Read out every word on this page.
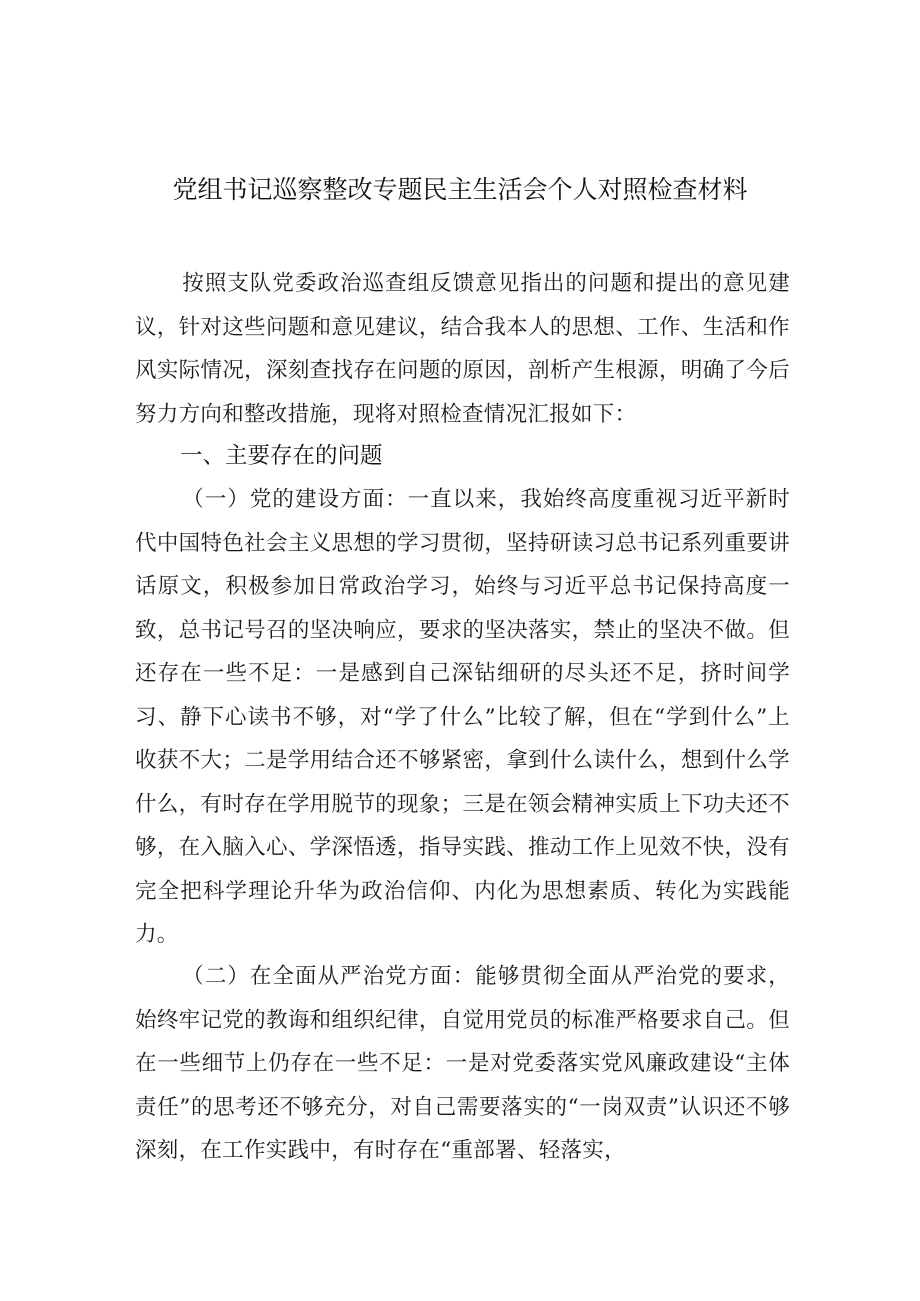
党组书记巡察整改专题民主生活会个人对照检查材料
按照支队党委政治巡查组反馈意见指出的问题和提出的意见建议，针对这些问题和意见建议，结合我本人的思想、工作、生活和作风实际情况，深刻查找存在问题的原因，剖析产生根源，明确了今后努力方向和整改措施，现将对照检查情况汇报如下：
一、主要存在的问题
（一）党的建设方面：一直以来，我始终高度重视习近平新时代中国特色社会主义思想的学习贯彻，坚持研读习总书记系列重要讲话原文，积极参加日常政治学习，始终与习近平总书记保持高度一致，总书记号召的坚决响应，要求的坚决落实，禁止的坚决不做。但还存在一些不足：一是感到自己深钻细研的尽头还不足，挤时间学习、静下心读书不够，对“学了什么”比较了解，但在“学到什么”上收获不大；二是学用结合还不够紧密，拿到什么读什么，想到什么学什么，有时存在学用脱节的现象；三是在领会精神实质上下功夫还不够，在入脑入心、学深悟透，指导实践、推动工作上见效不快，没有完全把科学理论升华为政治信仰、内化为思想素质、转化为实践能力。
（二）在全面从严治党方面：能够贯彻全面从严治党的要求，始终牢记党的教诲和组织纪律，自觉用党员的标准严格要求自己。但在一些细节上仍存在一些不足：一是对党委落实党风廉政建设“主体责任”的思考还不够充分，对自己需要落实的“一岗双责”认识还不够深刻，在工作实践中，有时存在“重部署、轻落实，
